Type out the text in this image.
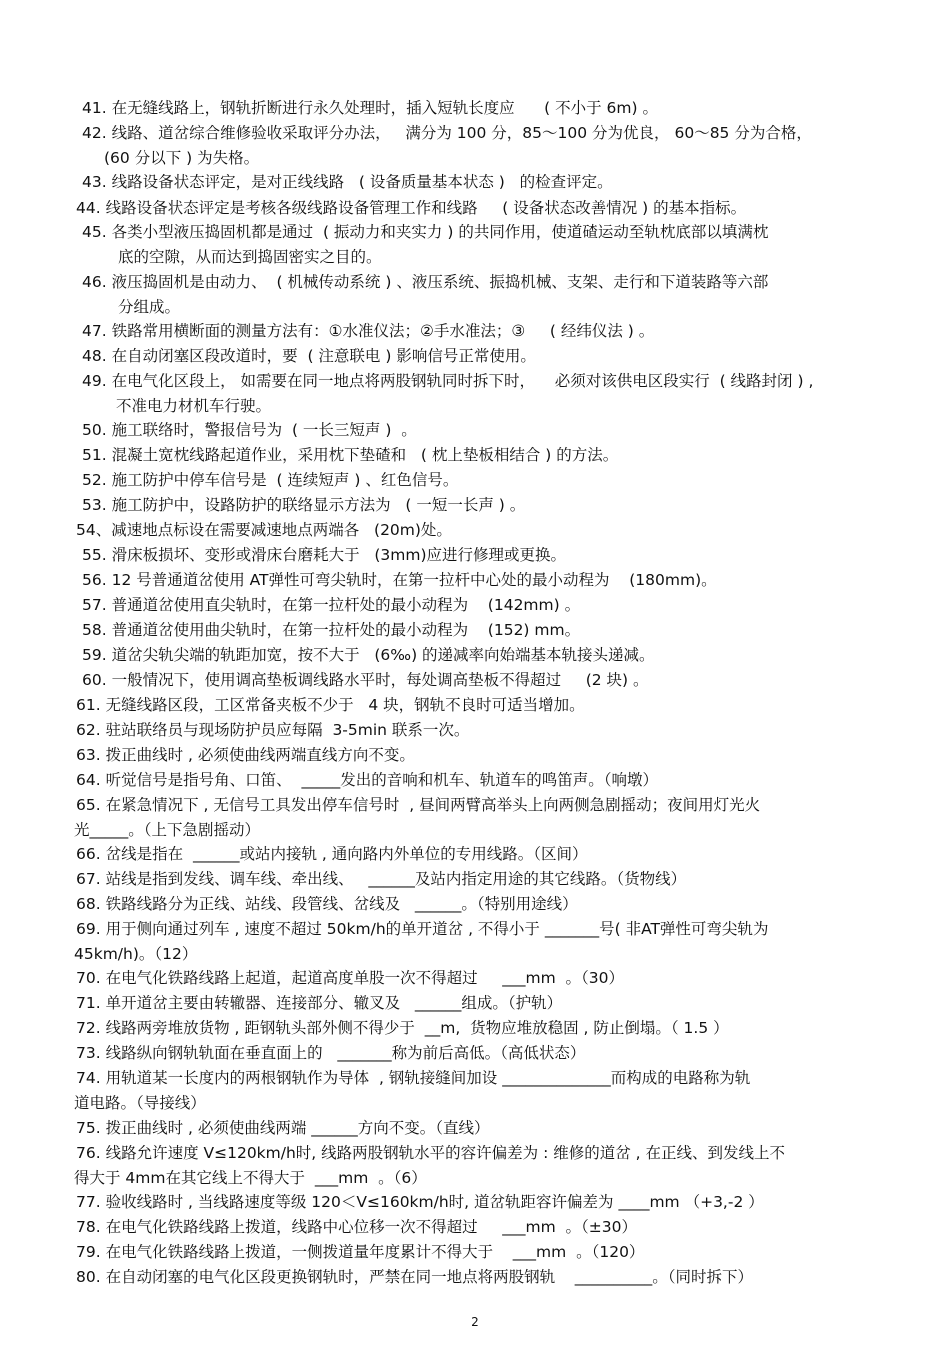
41. 在无缝线路上，钢轨折断进行永久处理时，插入短轨长度应      ( 不小于 6m) 。
42. 线路、道岔综合维修验收采取评分办法，   满分为 100 分，85～100 分为优良， 60～85 分为合格，
(60 分以下 ) 为失格。
43. 线路设备状态评定，是对正线线路   ( 设备质量基本状态 )   的检查评定。
44. 线路设备状态评定是考核各级线路设备管理工作和线路     ( 设备状态改善情况 ) 的基本指标。
45. 各类小型液压捣固机都是通过  ( 振动力和夹实力 ) 的共同作用，使道碴运动至轨枕底部以填满枕
底的空隙，从而达到捣固密实之目的。
46. 液压捣固机是由动力、  ( 机械传动系统 ) 、液压系统、振捣机械、支架、走行和下道装路等六部
分组成。
47. 铁路常用横断面的测量方法有：①水准仪法；②手水准法；③     ( 经纬仪法 ) 。
48. 在自动闭塞区段改道时，要  ( 注意联电 ) 影响信号正常使用。
49. 在电气化区段上， 如需要在同一地点将两股钢轨同时拆下时，    必须对该供电区段实行  ( 线路封闭 ) ,
不准电力材机车行驶。
50. 施工联络时，警报信号为  ( 一长三短声 )  。
51. 混凝土宽枕线路起道作业，采用枕下垫碴和   ( 枕上垫板相结合 ) 的方法。
52. 施工防护中停车信号是  ( 连续短声 ) 、红色信号。
53. 施工防护中，设路防护的联络显示方法为   ( 一短一长声 ) 。
54、减速地点标设在需要减速地点两端各   (20m)处。
55. 滑床板损坏、变形或滑床台磨耗大于   (3mm)应进行修理或更换。
56. 12 号普通道岔使用 AT弹性可弯尖轨时，在第一拉杆中心处的最小动程为    (180mm)。
57. 普通道岔使用直尖轨时，在第一拉杆处的最小动程为    (142mm) 。
58. 普通道岔使用曲尖轨时，在第一拉杆处的最小动程为    (152) mm。
59. 道岔尖轨尖端的轨距加宽，按不大于   (6‰) 的递减率向始端基本轨接头递减。
60. 一般情况下，使用调高垫板调线路水平时，每处调高垫板不得超过     (2 块) 。
61. 无缝线路区段，工区常备夹板不少于   4 块，钢轨不良时可适当增加。
62. 驻站联络员与现场防护员应每隔  3-5min 联系一次。
63. 拨正曲线时 , 必须使曲线两端直线方向不变。
64. 听觉信号是指号角、口笛、  _____发出的音响和机车、轨道车的鸣笛声。（响墩）
65. 在紧急情况下 , 无信号工具发出停车信号时  , 昼间两臂高举头上向两侧急剧摇动；夜间用灯光火
光_____。（上下急剧摇动）
66. 岔线是指在  ______或站内接轨 , 通向路内外单位的专用线路。（区间）
67. 站线是指到发线、调车线、牵出线、   ______及站内指定用途的其它线路。（货物线）
68. 铁路线路分为正线、站线、段管线、岔线及   ______。（特别用途线）
69. 用于侧向通过列车 , 速度不超过 50km/h的单开道岔 , 不得小于 _______号( 非AT弹性可弯尖轨为
45km/h)。（12）
70. 在电气化铁路线路上起道，起道高度单股一次不得超过     ___mm  。（30）
71. 单开道岔主要由转辙器、连接部分、辙叉及   ______组成。（护轨）
72. 线路两旁堆放货物 , 距钢轨头部外侧不得少于  __m,  货物应堆放稳固 , 防止倒塌。（ 1.5 ）
73. 线路纵向钢轨轨面在垂直面上的   _______称为前后高低。（高低状态）
74. 用轨道某一长度内的两根钢轨作为导体  , 钢轨接缝间加设 ______________而构成的电路称为轨
道电路。（导接线）
75. 拨正曲线时 , 必须使曲线两端 ______方向不变。（直线）
76. 线路允许速度 V≤120km/h时, 线路两股钢轨水平的容许偏差为 : 维修的道岔 , 在正线、到发线上不
得大于 4mm在其它线上不得大于  ___mm  。（6）
77. 验收线路时 , 当线路速度等级 120＜V≤160km/h时, 道岔轨距容许偏差为 ____mm （+3,-2 ）
78. 在电气化铁路线路上拨道，线路中心位移一次不得超过     ___mm  。（±30）
79. 在电气化铁路线路上拨道，一侧拨道量年度累计不得大于    ___mm  。（120）
80. 在自动闭塞的电气化区段更换钢轨时，严禁在同一地点将两股钢轨    __________。（同时拆下）
2
